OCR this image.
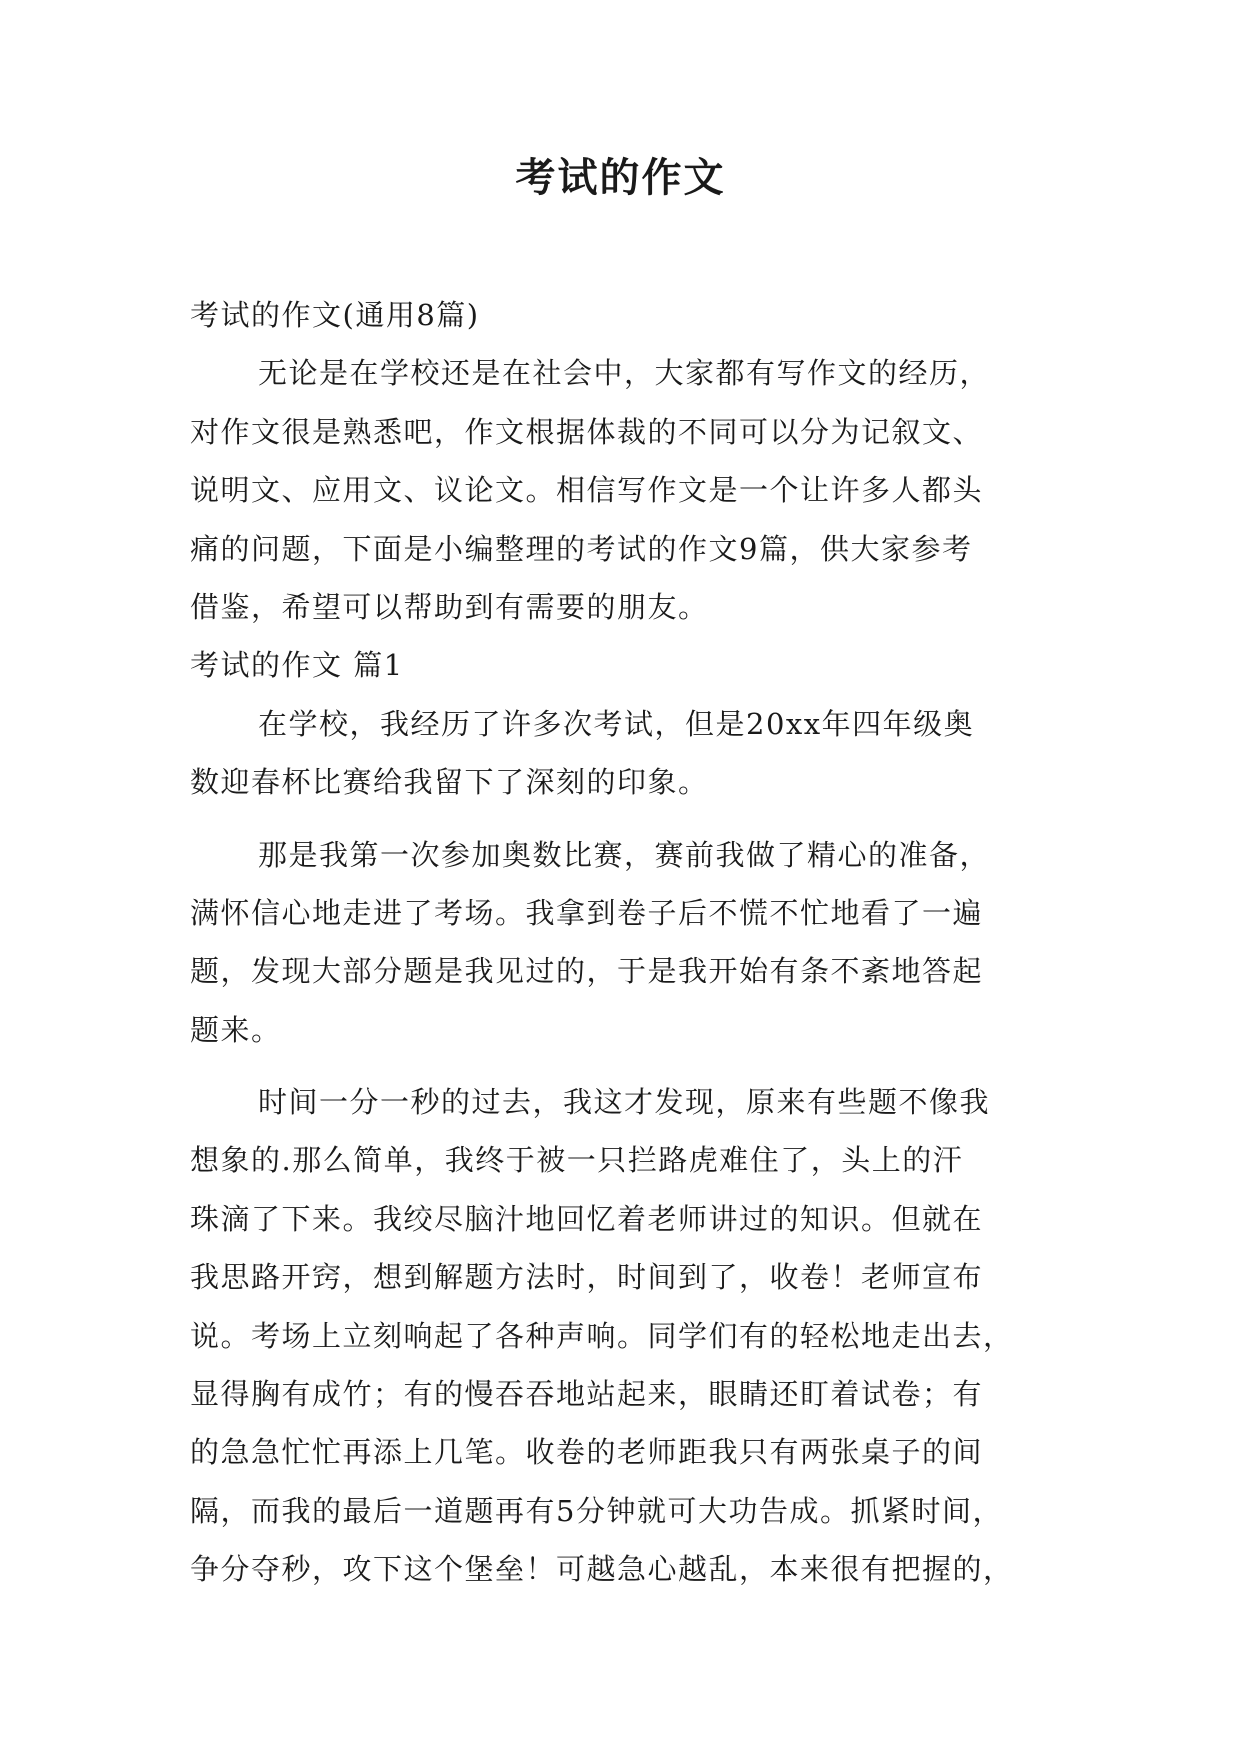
考试的作文
考试的作文(通用8篇)
无论是在学校还是在社会中，大家都有写作文的经历，
对作文很是熟悉吧，作文根据体裁的不同可以分为记叙文、
说明文、应用文、议论文。相信写作文是一个让许多人都头
痛的问题，下面是小编整理的考试的作文9篇，供大家参考
借鉴，希望可以帮助到有需要的朋友。
考试的作文 篇1
在学校，我经历了许多次考试，但是20xx年四年级奥
数迎春杯比赛给我留下了深刻的印象。
那是我第一次参加奥数比赛，赛前我做了精心的准备，
满怀信心地走进了考场。我拿到卷子后不慌不忙地看了一遍
题，发现大部分题是我见过的，于是我开始有条不紊地答起
题来。
时间一分一秒的过去，我这才发现，原来有些题不像我
想象的.那么简单，我终于被一只拦路虎难住了，头上的汗
珠滴了下来。我绞尽脑汁地回忆着老师讲过的知识。但就在
我思路开窍，想到解题方法时，时间到了，收卷！老师宣布
说。考场上立刻响起了各种声响。同学们有的轻松地走出去，
显得胸有成竹；有的慢吞吞地站起来，眼睛还盯着试卷；有
的急急忙忙再添上几笔。收卷的老师距我只有两张桌子的间
隔，而我的最后一道题再有5分钟就可大功告成。抓紧时间，
争分夺秒，攻下这个堡垒！可越急心越乱，本来很有把握的，
